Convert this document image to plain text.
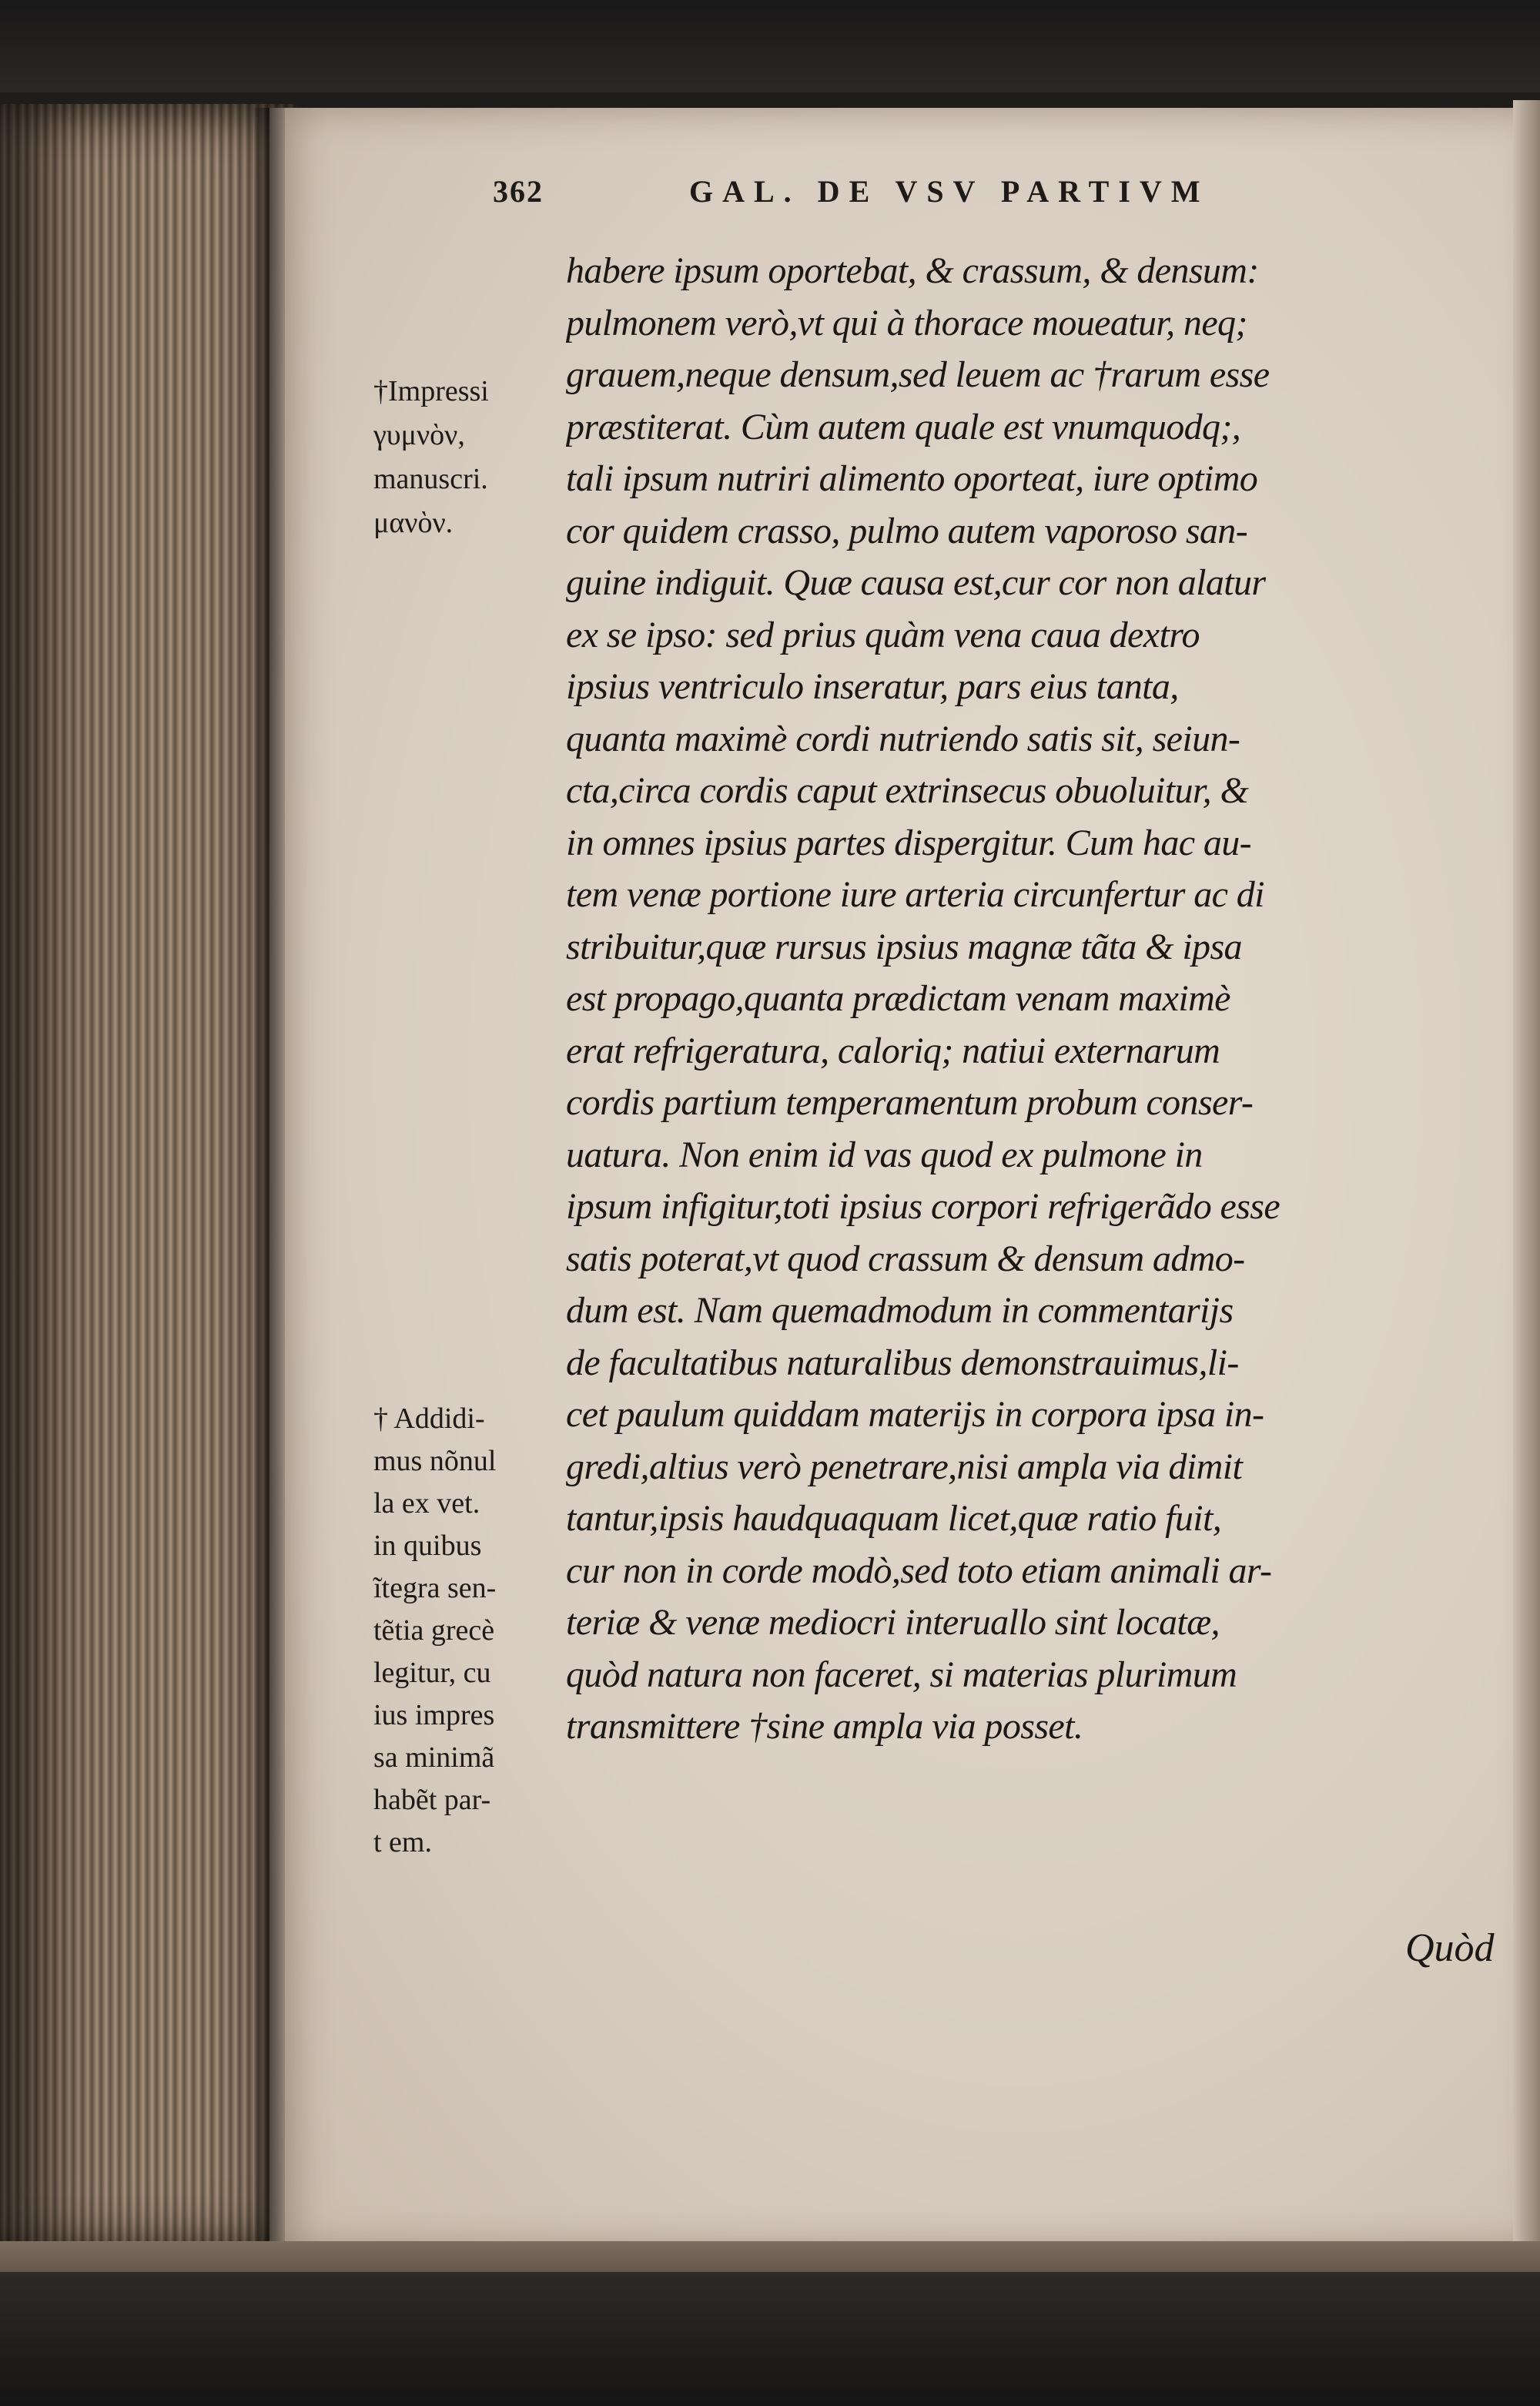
362	GAL. DE VSV PARTIVM
†Impressi
γυμνὸν,
manuscri.
μανὸν.
† Addidi-
mus nõnul
la ex vet.
in quibus
ĩtegra sen-
tẽtia grecè
legitur, cu
ius impres
sa minimã
habẽt par-
t em.
habere ipsum oportebat, & crassum, & densum:
pulmonem verò,vt qui à thorace moueatur, neq;
grauem,neque densum,sed leuem ac †rarum esse
præstiterat. Cùm autem quale est vnumquodq;,
tali ipsum nutriri alimento oporteat, iure optimo
cor quidem crasso, pulmo autem vaporoso san-
guine indiguit. Quæ causa est,cur cor non alatur
ex se ipso: sed prius quàm vena caua dextro
ipsius ventriculo inseratur, pars eius tanta,
quanta maximè cordi nutriendo satis sit, seiun-
cta,circa cordis caput extrinsecus obuoluitur, &
in omnes ipsius partes dispergitur. Cum hac au-
tem venæ portione iure arteria circunfertur ac di
stribuitur,quæ rursus ipsius magnæ tãta & ipsa
est propago,quanta prædictam venam maximè
erat refrigeratura, caloriq; natiui externarum
cordis partium temperamentum probum conser-
uatura. Non enim id vas quod ex pulmone in
ipsum infigitur,toti ipsius corpori refrigerãdo esse
satis poterat,vt quod crassum & densum admo-
dum est. Nam quemadmodum in commentarijs
de facultatibus naturalibus demonstrauimus,li-
cet paulum quiddam materijs in corpora ipsa in-
gredi,altius verò penetrare,nisi ampla via dimit
tantur,ipsis haudquaquam licet,quæ ratio fuit,
cur non in corde modò,sed toto etiam animali ar-
teriæ & venæ mediocri interuallo sint locatæ,
quòd natura non faceret, si materias plurimum
transmittere †sine ampla via posset.
Quòd
